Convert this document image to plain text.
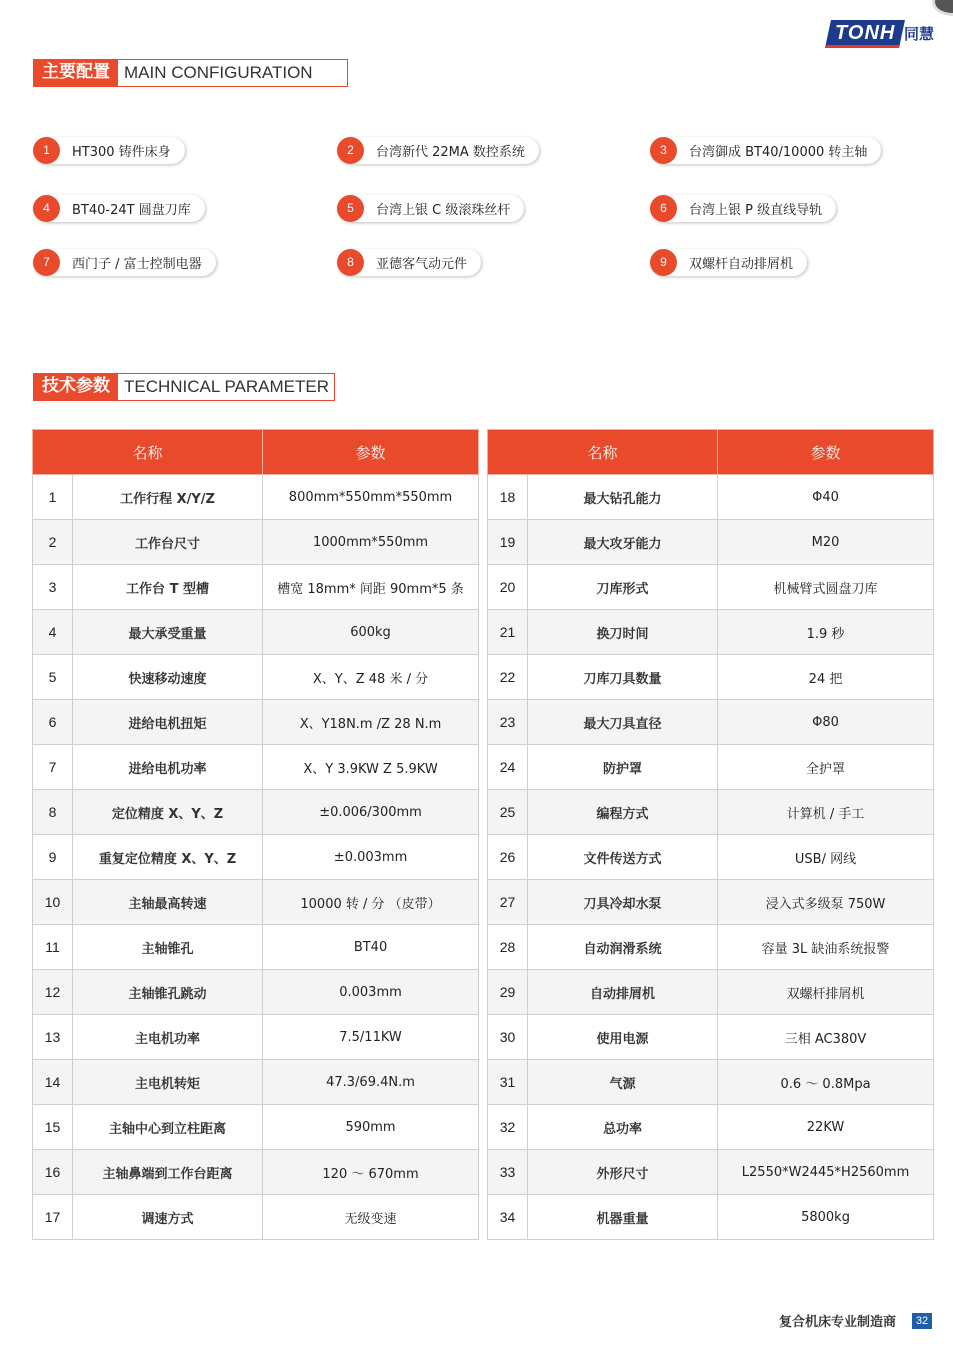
TONH 同慧
主要配置 MAIN CONFIGURATION
1	HT300 铸件床身	2	台湾新代 22MA 数控系统	3	台湾御成 BT40/10000 转主轴
4	BT40-24T 圆盘刀库	5	台湾上银 C 级滚珠丝杆	6	台湾上银 P 级直线导轨
7	西门子 / 富士控制电器	8	亚德客气动元件	9	双螺杆自动排屑机
技术参数 TECHNICAL PARAMETER
名称		参数
1	工作行程 X/Y/Z	800mm*550mm*550mm
2	工作台尺寸	1000mm*550mm
3	工作台 T 型槽	槽宽 18mm* 间距 90mm*5 条
4	最大承受重量	600kg
5	快速移动速度	X、Y、Z 48 米 / 分
6	进给电机扭矩	X、Y18N.m /Z 28 N.m
7	进给电机功率	X、Y 3.9KW Z 5.9KW
8	定位精度 X、Y、Z	±0.006/300mm
9	重复定位精度 X、Y、Z	±0.003mm
10	主轴最高转速	10000 转 / 分 （皮带）
11	主轴锥孔	BT40
12	主轴锥孔跳动	0.003mm
13	主电机功率	7.5/11KW
14	主电机转矩	47.3/69.4N.m
15	主轴中心到立柱距离	590mm
16	主轴鼻端到工作台距离	120 ～ 670mm
17	调速方式	无级变速
名称		参数
18	最大钻孔能力	Φ40
19	最大攻牙能力	M20
20	刀库形式	机械臂式圆盘刀库
21	换刀时间	1.9 秒
22	刀库刀具数量	24 把
23	最大刀具直径	Φ80
24	防护罩	全护罩
25	编程方式	计算机 / 手工
26	文件传送方式	USB/ 网线
27	刀具冷却水泵	浸入式多级泵 750W
28	自动润滑系统	容量 3L 缺油系统报警
29	自动排屑机	双螺杆排屑机
30	使用电源	三相 AC380V
31	气源	0.6 ～ 0.8Mpa
32	总功率	22KW
33	外形尺寸	L2550*W2445*H2560mm
34	机器重量	5800kg
复合机床专业制造商	32
